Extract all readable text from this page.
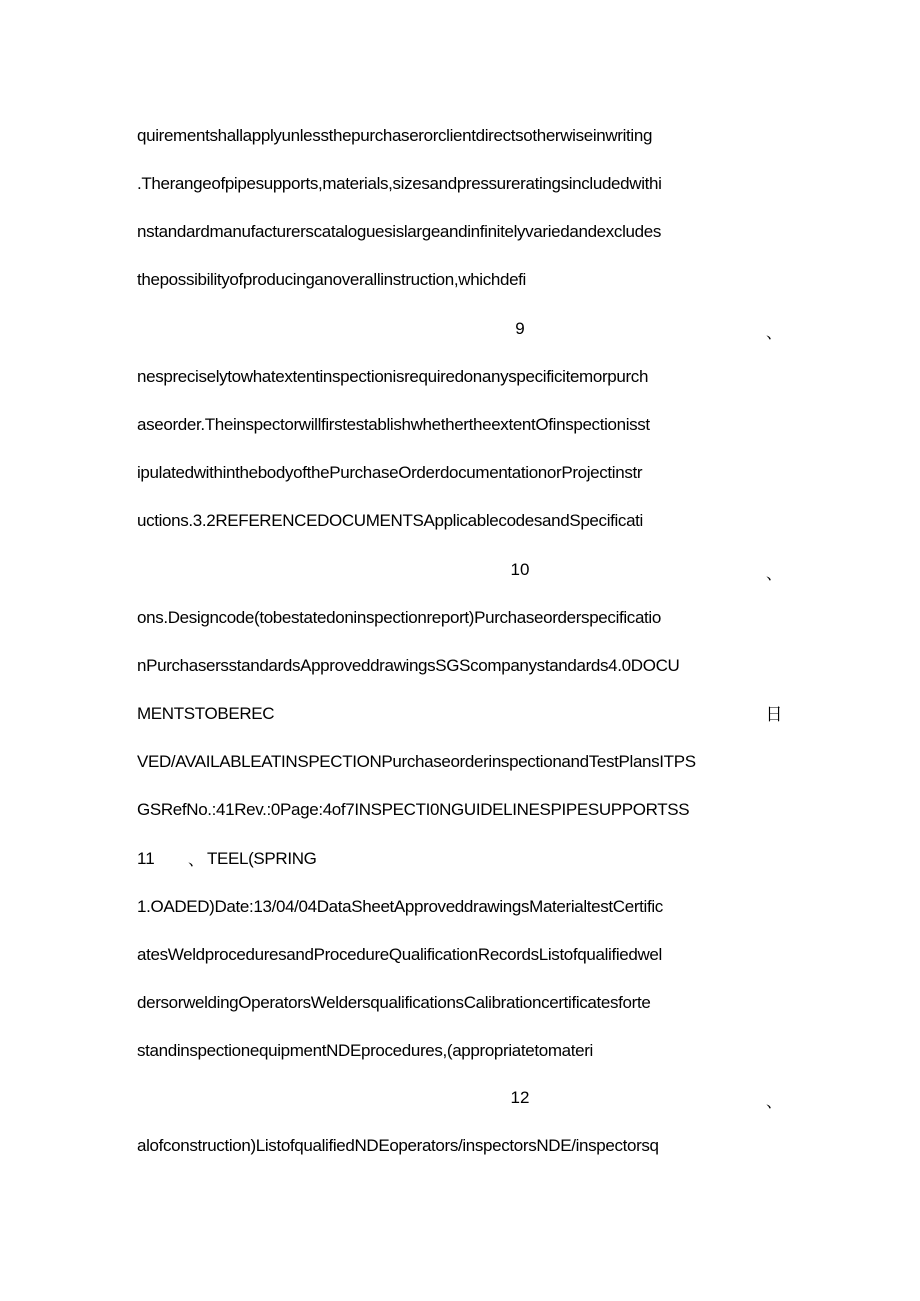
quirementshallapplyunlessthepurchaserorclientdirectsotherwiseinwriting
.Therangeofpipesupports,materials,sizesandpressureratingsincludedwithi
nstandardmanufacturerscataloguesislargeandinfinitelyvariedandexcludes
thepossibilityofproducinganoverallinstruction,whichdefi
9	、
nespreciselytowhatextentinspectionisrequiredonanyspecificitemorpurch
aseorder.TheinspectorwillfirstestablishwhethertheextentOfinspectionisst
ipulatedwithinthebodyofthePurchaseOrderdocumentationorProjectinstr
uctions.3.2REFERENCEDOCUMENTSApplicablecodesandSpecificati
10	、
ons.Designcode(tobestatedoninspectionreport)Purchaseorderspecificatio
nPurchasersstandardsApproveddrawingsSGScompanystandards4.0DOCU
MENTSTOBEREC	日
VED/AVAILABLEATINSPECTIONPurchaseorderinspectionandTestPlansITPS
GSRefNo.:41Rev.:0Page:4of7INSPECTI0NGUIDELINESPIPESUPPORTSS
11 、 TEEL(SPRING
1.OADED)Date:13/04/04DataSheetApproveddrawingsMaterialtestCertific
atesWeldproceduresandProcedureQualificationRecordsListofqualifiedwel
dersorweldingOperatorsWeldersqualificationsCalibrationcertificatesforte
standinspectionequipmentNDEprocedures,(appropriatetomateri
12	、
alofconstruction)ListofqualifiedNDEoperators/inspectorsNDE/inspectorsq
